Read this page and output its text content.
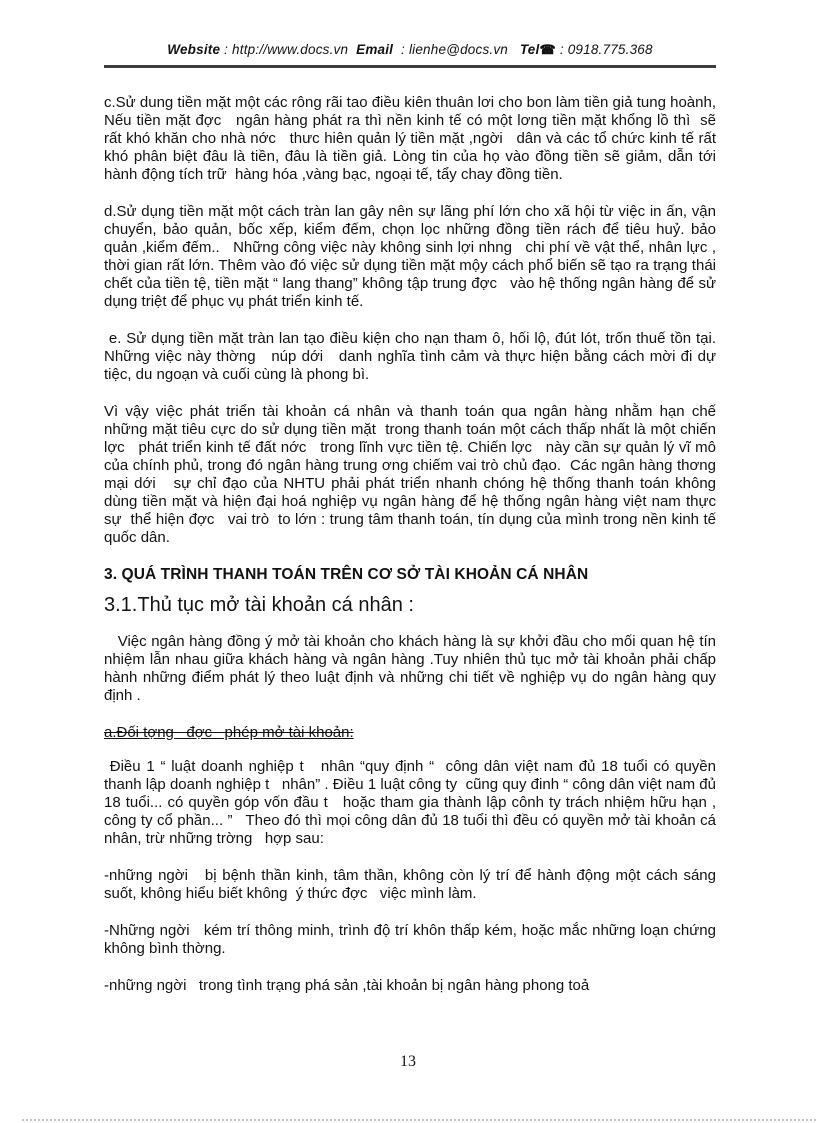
Website : http://www.docs.vn  Email  : lienhe@docs.vn   Tel☎ : 0918.775.368

c.Sử dung tiền mặt một các rông rãi tao điều kiên thuân lơi cho bon làm tiền giả tung hoành, Nếu tiền mặt đợc   ngân hàng phát ra thì nền kinh tế có một lơng tiền mặt khổng lồ thì  sẽ rất khó khăn cho nhà nớc   thưc hiên quản lý tiền mặt ,ngời   dân và các tổ chức kinh tế rất khó phân biệt đâu là tiền, đâu là tiền giả. Lòng tin của họ vào đồng tiền sẽ giảm, dẫn tới hành động tích trữ  hàng hóa ,vàng bạc, ngoại tế, tẩy chay đồng tiền.

d.Sử dụng tiền mặt một cách tràn lan gây nên sự lãng phí lớn cho xã hội từ việc in ấn, vận chuyển, bảo quản, bốc xếp, kiểm đếm, chọn lọc những đồng tiền rách để tiêu huỷ. bảo quản ,kiểm đếm..   Những công việc này không sinh lợi nhng   chi phí về vật thể, nhân lực , thời gian rất lớn. Thêm vào đó việc sử dụng tiền mặt mộy cách phổ biến sẽ tạo ra trạng thái chết của tiền tệ, tiền mặt “ lang thang” không tập trung đợc   vào hệ thống ngân hàng để sử dụng triệt để phục vụ phát triển kinh tế.

e. Sử dụng tiền mặt tràn lan tạo điều kiện cho nạn tham ô, hối lộ, đút lót, trốn thuế tồn tại. Những việc này thờng   núp dới   danh nghĩa tình cảm và thực hiện bằng cách mời đi dự tiệc, du ngoạn và cuối cùng là phong bì.

Vì vậy việc phát triển tài khoản cá nhân và thanh toán qua ngân hàng nhằm hạn chế  những mặt tiêu cực do sử dụng tiền mặt  trong thanh toán một cách thấp nhất là một chiến lợc   phát triển kinh tế đất nớc   trong lĩnh vực tiền tệ. Chiến lợc   này cần sự quản lý vĩ mô của chính phủ, trong đó ngân hàng trung ơng chiếm vai trò chủ đạo.  Các ngân hàng thơng   mại dới   sự chỉ đạo của NHTU phải phát triển nhanh chóng hệ thống thanh toán không dùng tiền mặt và hiện đại hoá nghiệp vụ ngân hàng để hệ thống ngân hàng việt nam thực sự  thể hiện đợc   vai trò  to lớn : trung tâm thanh toán, tín dụng của mình trong nền kinh tế quốc dân.

3. QUÁ TRÌNH THANH TOÁN TRÊN CƠ SỞ TÀI KHOẢN CÁ NHÂN
3.1.Thủ tục mở tài khoản cá nhân :

Việc ngân hàng đồng ý mở tài khoản cho khách hàng là sự khởi đầu cho mối quan hệ tín nhiệm lẫn nhau giữa khách hàng và ngân hàng .Tuy nhiên thủ tục mở tài khoản phải chấp hành những điểm phát lý theo luật định và những chi tiết về nghiệp vụ do ngân hàng quy định .

a.Đối tợng   đợc   phép mở tài khoản:

Điều 1 “ luật doanh nghiệp t   nhân “quy định “  công dân việt nam đủ 18 tuổi có quyền thanh lập doanh nghiệp t   nhân” . Điều 1 luật công ty  cũng quy đinh “ công dân việt nam đủ 18 tuổi... có quyền góp vốn đầu t   hoặc tham gia thành lập cônh ty trách nhiệm hữu hạn , công ty cổ phần... ”   Theo đó thì mọi công dân đủ 18 tuổi thì đều có quyền mở tài khoản cá nhân, trừ những trờng   hợp sau:

-những ngời   bị bệnh thần kinh, tâm thần, không còn lý trí để hành động một cách sáng suốt, không hiểu biết không  ý thức đợc   việc mình làm.

-Những ngời   kém trí thông minh, trình độ trí khôn thấp kém, hoặc mắc những loạn chứng không bình thờng.

-những ngời   trong tình trạng phá sản ,tài khoản bị ngân hàng phong toả

13
